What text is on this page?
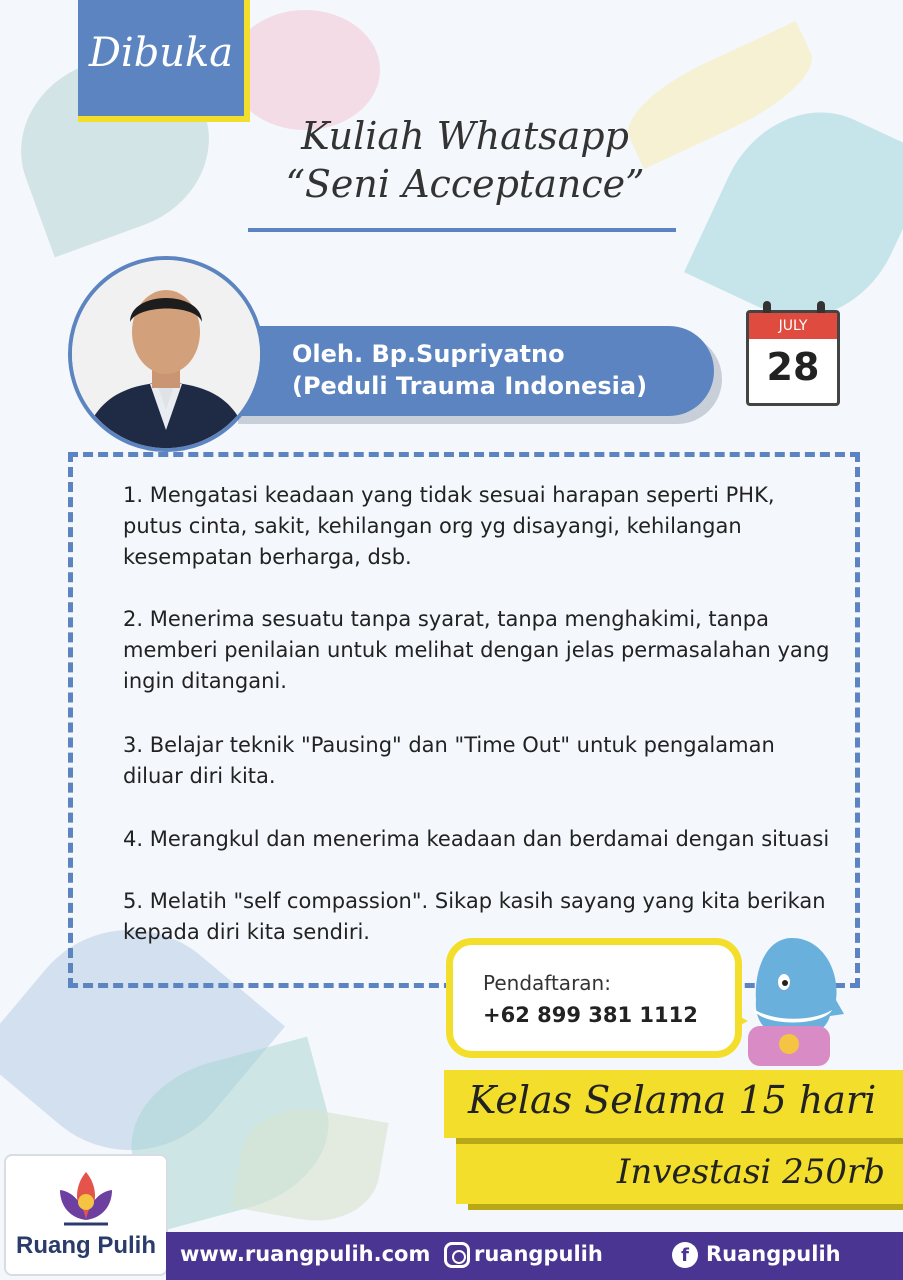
Dibuka
Kuliah Whatsapp
“Seni Acceptance”
Oleh. Bp.Supriyatno
(Peduli Trauma Indonesia)
JULY
28
1. Mengatasi keadaan yang tidak sesuai harapan seperti PHK, putus cinta, sakit, kehilangan org yg disayangi, kehilangan kesempatan berharga, dsb.
2. Menerima sesuatu tanpa syarat, tanpa menghakimi, tanpa memberi penilaian untuk melihat dengan jelas permasalahan yang ingin ditangani.
3. Belajar teknik "Pausing" dan "Time Out" untuk pengalaman diluar diri kita.
4. Merangkul dan menerima keadaan dan berdamai dengan situasi
5. Melatih "self compassion". Sikap kasih sayang yang kita berikan kepada diri kita sendiri.
Pendaftaran:
+62 899 381 1112
Kelas Selama 15 hari
Investasi 250rb
Ruang Pulih	www.ruangpulih.com ruangpulih	f Ruangpulih
